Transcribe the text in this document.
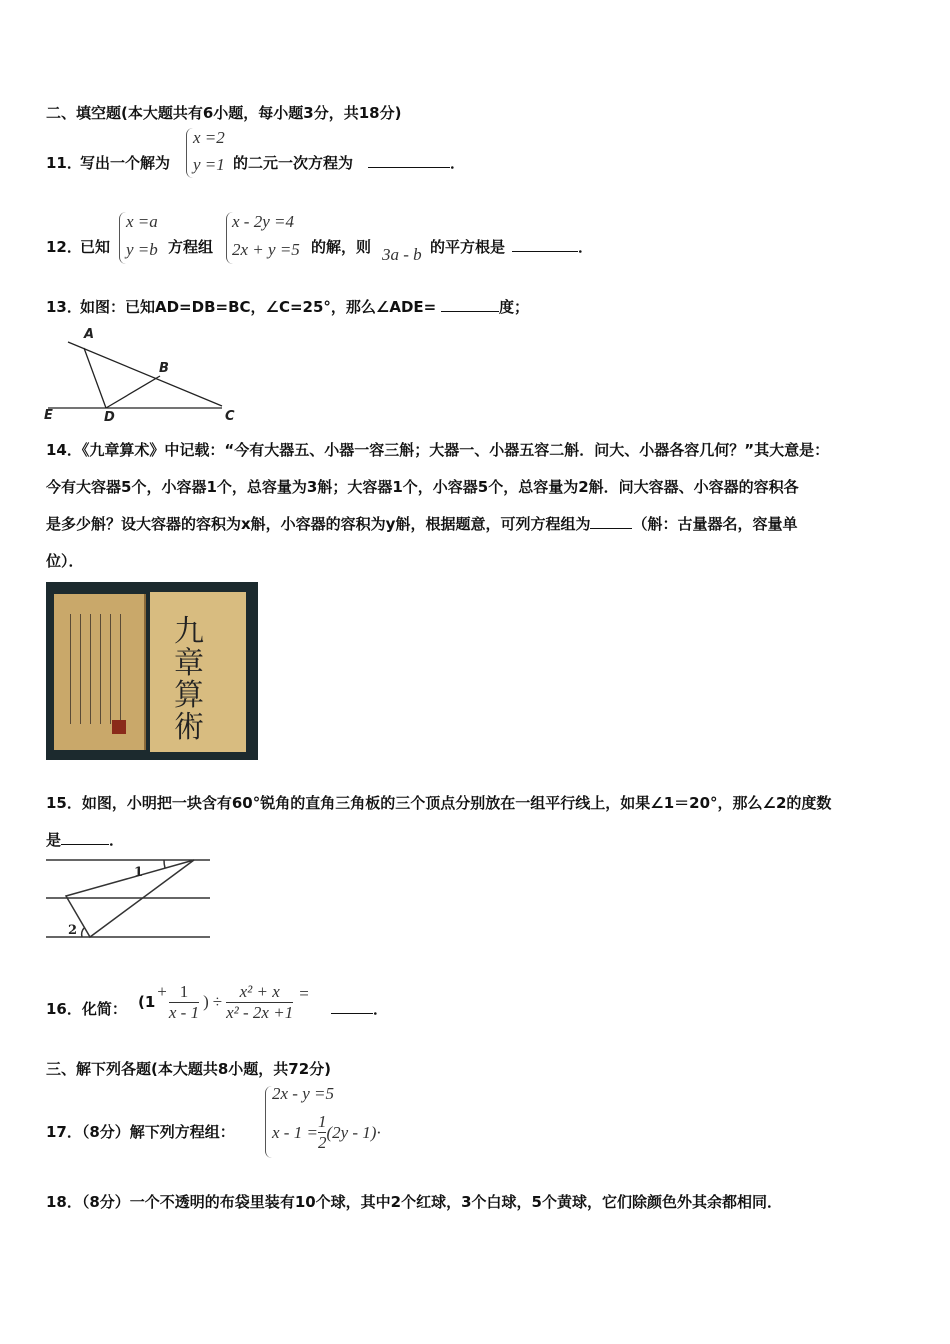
二、填空题(本大题共有6小题，每小题3分，共18分)
11．
写出一个解为
x =2
y =1 的二元一次方程为	．
12．
已知
x =a
y =b 方程组
x - 2y =4
2x + y =5 的解，则 3a - b 的平方根是	．
13．
如图：已知AD=DB=BC，∠C=25°，那么∠ADE=	度；
A
B
C
D
E
14．《九章算术》中记载：“今有大器五、小器一容三斛；大器一、小器五容二斛．问大、小器各容几何？”其大意是：
今有大容器5个，小容器1个，总容量为3斛；大容器1个，小容器5个，总容量为2斛．问大容器、小容器的容积各
是多少斛？设大容器的容积为x斛，小容器的容积为y斛，根据题意，可列方程组为	（斛：古量器名，容量单
位）．
九章算術
15．如图，小明把一块含有60°锐角的直角三角板的三个顶点分别放在一组平行线上，如果∠1＝20°，那么∠2的度数
是	．
1
2
16．化简： (1
+ $\frac{1}{x - 1}$ ) ÷ $\frac{\text{x² + x}}{\text{x² - 2x +1}}$ =
．
三、解下列各题(本大题共8小题，共72分)
17．（8分）解下列方程组：
2x - y =5
$x - 1 = \frac{1}{2} (2y - 1)$ ·
18．（8分）一个不透明的布袋里装有10个球，其中2个红球，3个白球，5个黄球，它们除颜色外其余都相同．
